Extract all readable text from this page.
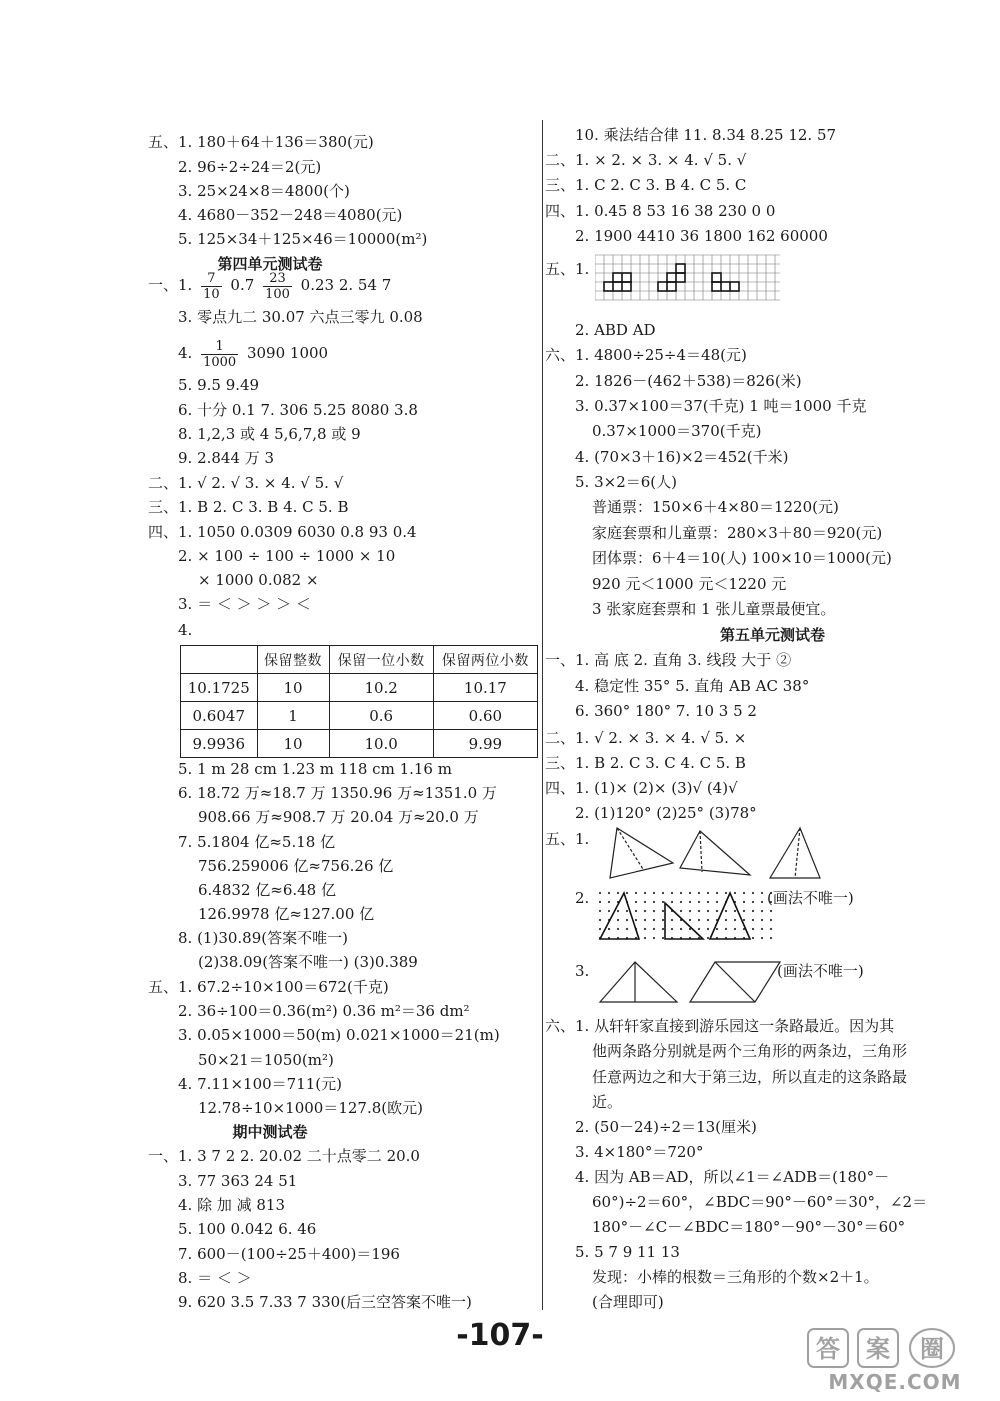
五、1. 180＋64＋136＝380(元)
2. 96÷2÷24＝2(元)
3. 25×24×8＝4800(个)
4. 4680－352－248＝4080(元)
5. 125×34＋125×46＝10000(m²)
第四单元测试卷
一、1. $\frac{7}{10} 0.7 \frac{23}{100} 0.23$ 2. 54 7
3. 零点九二 30.07 六点三零九 0.08
4. $\frac{1}{1000} 3090$ 1000
5. 9.5 9.49
6. 十分 0.1 7. 306 5.25 8080 3.8
8. 1,2,3 或 4 5,6,7,8 或 9
9. 2.844 万 3
二、1. √ 2. √ 3. × 4. √ 5. √
三、1. B 2. C 3. B 4. C 5. B
四、1. 1050 0.0309 6030 0.8 93 0.4
2. × 100 ÷ 100 ÷ 1000 × 10
× 1000 0.082 ×
3. ＝ ＜ ＞ ＞ ＞ ＜
4.
	保留整数	保留一位小数	保留两位小数
10.1725	10	10.2	10.17
0.6047	1	0.6	0.60
9.9936	10	10.0	9.99
5. 1 m 28 cm 1.23 m 118 cm 1.16 m
6. 18.72 万≈18.7 万 1350.96 万≈1351.0 万
908.66 万≈908.7 万 20.04 万≈20.0 万
7. 5.1804 亿≈5.18 亿
756.259006 亿≈756.26 亿
6.4832 亿≈6.48 亿
126.9978 亿≈127.00 亿
8. (1)30.89(答案不唯一)
(2)38.09(答案不唯一) (3)0.389
五、1. 67.2÷10×100＝672(千克)
2. 36÷100＝0.36(m²) 0.36 m²＝36 dm²
3. 0.05×1000＝50(m) 0.021×1000＝21(m)
50×21＝1050(m²)
4. 7.11×100＝711(元)
12.78÷10×1000＝127.8(欧元)
期中测试卷
一、1. 3 7 2 2. 20.02 二十点零二 20.0
3. 77 363 24 51
4. 除 加 减 813
5. 100 0.042 6. 46
7. 600－(100÷25＋400)＝196
8. ＝ ＜ ＞
9. 620 3.5 7.33 7 330(后三空答案不唯一)
10. 乘法结合律 11. 8.34 8.25 12. 57
二、1. × 2. × 3. × 4. √ 5. √
三、1. C 2. C 3. B 4. C 5. C
四、1. 0.45 8 53 16 38 230 0 0
2. 1900 4410 36 1800 162 60000
五、1.
2. ABD AD
六、1. 4800÷25÷4＝48(元)
2. 1826－(462＋538)＝826(米)
3. 0.37×100＝37(千克) 1 吨＝1000 千克
0.37×1000＝370(千克)
4. (70×3＋16)×2＝452(千米)
5. 3×2＝6(人)
普通票：150×6＋4×80＝1220(元)
家庭套票和儿童票：280×3＋80＝920(元)
团体票：6＋4＝10(人) 100×10＝1000(元)
920 元＜1000 元＜1220 元
3 张家庭套票和 1 张儿童票最便宜。
第五单元测试卷
一、1. 高 底 2. 直角 3. 线段 大于 ②
4. 稳定性 35° 5. 直角 AB AC 38°
6. 360° 180° 7. 10 3 5 2
二、1. √ 2. × 3. × 4. √ 5. ×
三、1. B 2. C 3. C 4. C 5. B
四、1. (1)× (2)× (3)√ (4)√
2. (1)120° (2)25° (3)78°
五、1.
2.	(画法不唯一)
3.	(画法不唯一)
六、1. 从轩轩家直接到游乐园这一条路最近。因为其
他两条路分别就是两个三角形的两条边，三角形
任意两边之和大于第三边，所以直走的这条路最
近。
2. (50－24)÷2＝13(厘米)
3. 4×180°＝720°
4. 因为 AB＝AD，所以∠1＝∠ADB＝(180°－
60°)÷2＝60°，∠BDC＝90°－60°＝30°，∠2＝
180°－∠C－∠BDC＝180°－90°－30°＝60°
5. 5 7 9 11 13
发现：小棒的根数＝三角形的个数×2＋1。
(合理即可)
-107-	答 案 圈
MXQE.COM
